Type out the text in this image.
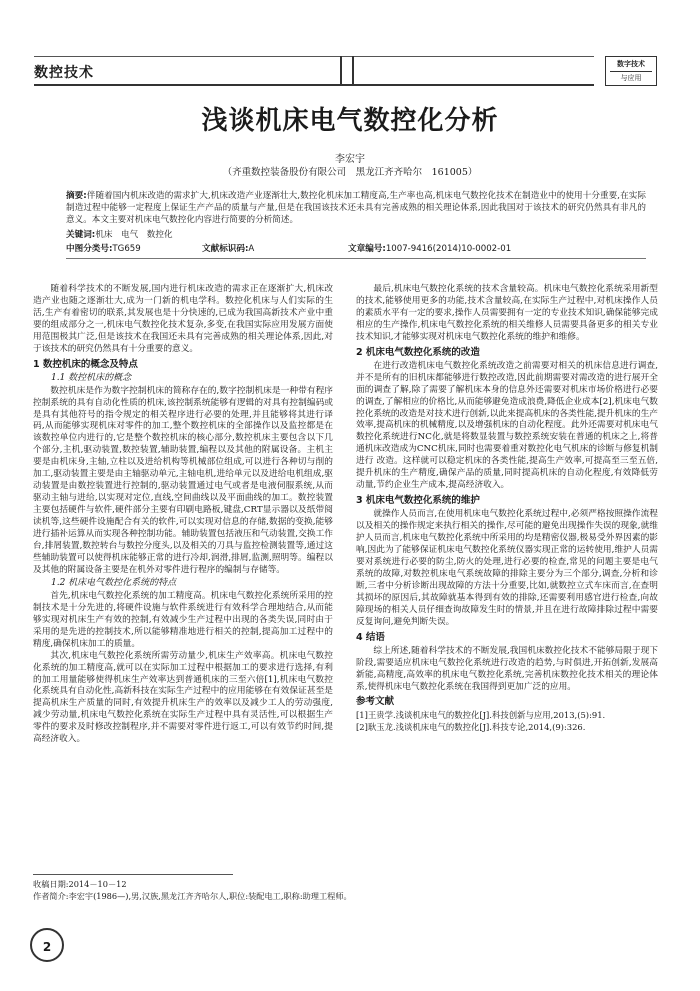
数控技术
数字技术
与应用
浅谈机床电气数控化分析
李宏宇
（齐重数控装备股份有限公司　黑龙江齐齐哈尔　161005）
摘要:伴随着国内机床改造的需求扩大,机床改造产业逐渐壮大,数控化机床加工精度高,生产率也高,机床电气数控化技术在制造业中的使用十分重要,在实际制造过程中能够一定程度上保证生产产品的质量与产量,但是在我国该技术还未具有完善成熟的相关理论体系,因此我国对于该技术的研究仍然具有非凡的意义。本文主要对机床电气数控化内容进行简要的分析简述。
关键词:机床　电气　数控化
中图分类号:TG659	文献标识码:A	文章编号:1007-9416(2014)10-0002-01

随着科学技术的不断发展,国内进行机床改造的需求正在逐渐扩大,机床改造产业也随之逐渐壮大,成为一门新的机电学科。数控化机床与人们实际的生活,生产有着密切的联系,其发展也是十分快速的,已成为我国高新技术产业中重要的组成部分之一,机床电气数控化技术复杂,多变,在我国实际应用发展方面使用范围极其广泛,但是该技术在我国还未具有完善成熟的相关理论体系,因此,对于该技术的研究仍然具有十分重要的意义。

1 数控机床的概念及特点
1.1 数控机床的概念

数控机床是作为数字控制机床的简称存在的,数字控制机床是一种带有程序控制系统的具有自动化性质的机床,该控制系统能够有逻辑的对具有控制编码或是具有其他符号的指令规定的相关程序进行必要的处理,并且能够将其进行译码,从而能够实现机床对零件的加工,整个数控机床的全部操作以及监控都是在该数控单位内进行的,它是整个数控机床的核心部分,数控机床主要包含以下几个部分,主机,驱动装置,数控装置,辅助装置,编程以及其他的附属设备。主机主要是由机床身,主轴,立柱以及进给机构等机械部位组成,可以进行各种切与削的加工,驱动装置主要是由主轴驱动单元,主轴电机,进给单元以及进给电机组成,驱动装置是由数控装置进行控制的,驱动装置通过电气或者是电液伺服系统,从而驱动主轴与进给,以实现对定位,直线,空间曲线以及平面曲线的加工。数控装置主要包括硬件与软件,硬件部分主要有印刷电路板,键盘,CRT显示器以及纸带阅读机等,这些硬件设施配合有关的软件,可以实现对信息的存储,数据的变换,能够进行插补运算从而实现各种控制功能。辅助装置包括液压和气动装置,交换工作台,排屑装置,数控转台与数控分度头,以及相关的刀具与监控检测装置等,通过这些辅助装置可以使得机床能够正常的进行冷却,润滑,排屑,监测,照明等。编程以及其他的附属设备主要是在机外对零件进行程序的编制与存储等。

1.2 机床电气数控化系统的特点

首先,机床电气数控化系统的加工精度高。机床电气数控化系统所采用的控制技术是十分先进的,将硬件设施与软件系统进行有效科学合理地结合,从而能够实现对机床生产有效的控制,有效减少生产过程中出现的各类失误,同时由于采用的是先进的控制技术,所以能够精准地进行相关的控制,提高加工过程中的精度,确保机床加工的质量。

其次,机床电气数控化系统所需劳动量少,机床生产效率高。机床电气数控化系统的加工精度高,就可以在实际加工过程中根据加工的要求进行选择,有利的加工用量能够使得机床生产效率达到普通机床的三至六倍[1],机床电气数控化系统具有自动化性,高新科技在实际生产过程中的应用能够在有效保证甚至是提高机床生产质量的同时,有效提升机床生产的效率以及减少工人的劳动强度,减少劳动量,机床电气数控化系统在实际生产过程中具有灵活性,可以根据生产零件的要求及时修改控制程序,并不需要对零件进行返工,可以有效节约时间,提高经济收入。

最后,机床电气数控化系统的技术含量较高。机床电气数控化系统采用新型的技术,能够使用更多的功能,技术含量较高,在实际生产过程中,对机床操作人员的素质水平有一定的要求,操作人员需要拥有一定的专业技术知识,确保能够完成相应的生产操作,机床电气数控化系统的相关维修人员需要具备更多的相关专业技术知识,才能够实现对机床电气数控化系统的维护和维修。

2 机床电气数控化系统的改造

在进行改造机床电气数控化系统改造之前需要对相关的机床信息进行调查,并不是所有的旧机床都能够进行数控改造,因此前期需要对需改造的进行展开全面的调查了解,除了需要了解机床本身的信息外还需要对机床市场价格进行必要的调查,了解相应的价格比,从而能够避免造成浪费,降低企业成本[2],机床电气数控化系统的改造是对技术进行创新,以此来提高机床的各类性能,提升机床的生产效率,提高机床的机械精度,以及增强机床的自动化程度。此外还需要对机床电气数控化系统进行NC化,就是将数显装置与数控系统安装在普通的机床之上,将普通机床改造成为CNC机床,同时也需要着重对数控化电气机床的诊断与修复机制进行 改造。这样就可以稳定机床的各类性能,提高生产效率,可提高至三至五倍,提升机床的生产精度,确保产品的质量,同时提高机床的自动化程度,有效降低劳动量,节约企业生产成本,提高经济收入。

3 机床电气数控化系统的维护

就操作人员而言,在使用机床电气数控化系统过程中,必须严格按照操作流程以及相关的操作规定来执行相关的操作,尽可能的避免出现操作失误的现象,就维护人员而言,机床电气数控化系统中所采用的均是精密仪器,极易受外界因素的影响,因此为了能够保证机床电气数控化系统仪器实现正常的运转使用,维护人员需要对系统进行必要的防尘,防火的处理,进行必要的检查,常见的问题主要是电气系统的故障,对数控机床电气系统故障的排除主要分为三个部分,调查,分析和诊断,三者中分析诊断出现故障的方法十分重要,比如,就数控立式车床而言,在查明其损坏的原因后,其故障就基本得到有效的排除,还需要利用感官进行检查,向故障现场的相关人员仔细查询故障发生时的情景,并且在进行故障排除过程中需要反复询问,避免判断失误。

4 结语

综上所述,随着科学技术的不断发展,我国机床数控化技术不能够局限于现下阶段,需要适应机床电气数控化系统进行改造的趋势,与时俱进,开拓创新,发展高新能,高精度,高效率的机床电气数控化系统,完善机床数控化技术相关的理论体系,使得机床电气数控化系统在我国得到更加广泛的应用。

参考文献

[1]王贵学.浅谈机床电气的数控化[J].科技创新与应用,2013,(5):91.

[2]耿玉龙.浅谈机床电气的数控化[J].科技专论,2014,(9):326.

收稿日期:2014－10－12
作者简介:李宏宇(1986—),男,汉族,黑龙江齐齐哈尔人,职位:装配电工,职称:助理工程师。
2
